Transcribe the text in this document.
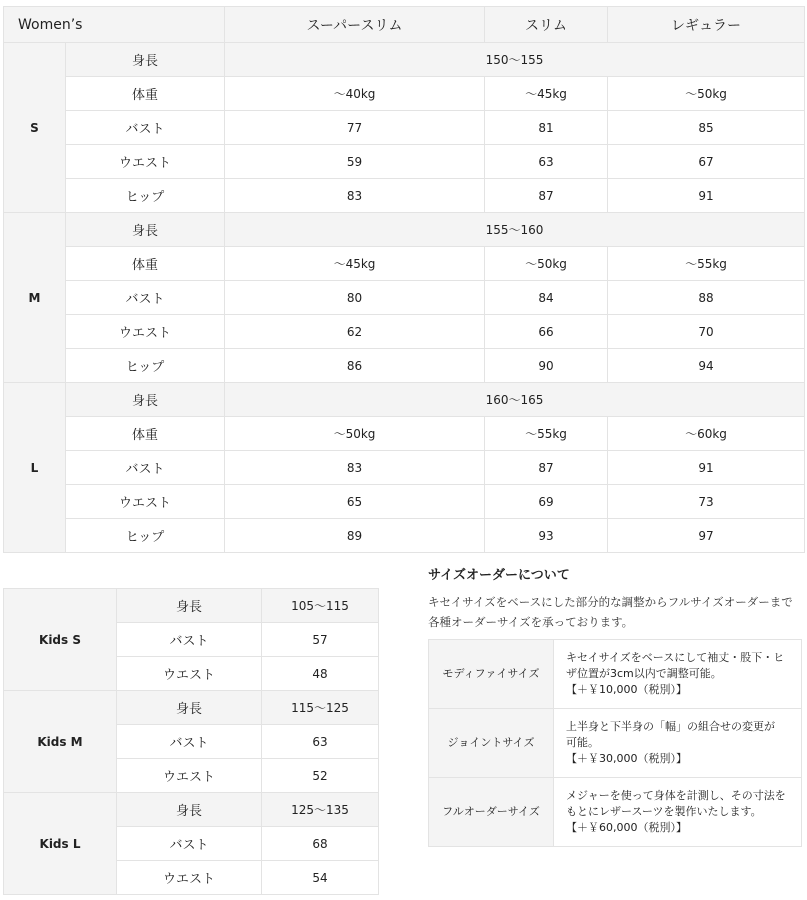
Women’s		スーパースリム	スリム	レギュラー
S	身長	150～155		
	体重	～40kg	～45kg	～50kg
	バスト	77	81	85
	ウエスト	59	63	67
	ヒップ	83	87	91
M	身長	155～160		
	体重	～45kg	～50kg	～55kg
	バスト	80	84	88
	ウエスト	62	66	70
	ヒップ	86	90	94
L	身長	160～165		
	体重	～50kg	～55kg	～60kg
	バスト	83	87	91
	ウエスト	65	69	73
	ヒップ	89	93	97
Kids S	身長	105～115
	バスト	57
	ウエスト	48
Kids M	身長	115～125
	バスト	63
	ウエスト	52
Kids L	身長	125～135
	バスト	68
	ウエスト	54

サイズオーダーについて

キセイサイズをベースにした部分的な調整からフルサイズオーダーまで各種オーダーサイズを承っております。

モディファイサイズ	キセイサイズをベースにして袖丈・股下・ヒ
ザ位置が3cm以内で調整可能。
【＋￥10,000（税別）】

ジョイントサイズ	上半身と下半身の「幅」の組合せの変更が
可能。
【＋￥30,000（税別）】

フルオーダーサイズ	メジャーを使って身体を計測し、その寸法を
もとにレザースーツを製作いたします。
【＋￥60,000（税別）】
